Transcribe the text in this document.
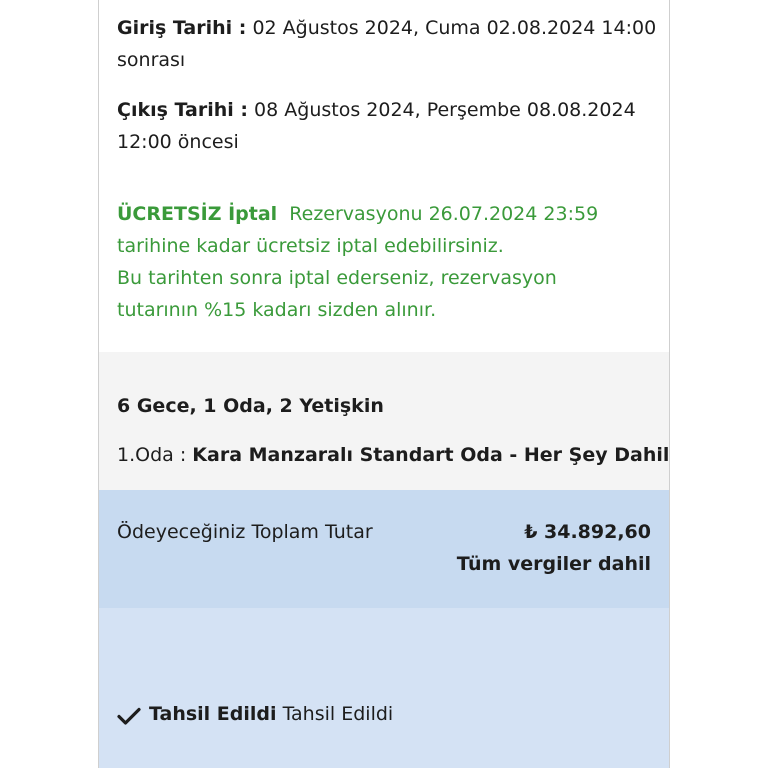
Giriş Tarihi : 02 Ağustos 2024, Cuma 02.08.2024 14:00
sonrası
Çıkış Tarihi : 08 Ağustos 2024, Perşembe 08.08.2024
12:00 öncesi
ÜCRETSİZ İptal Rezervasyonu 26.07.2024 23:59
tarihine kadar ücretsiz iptal edebilirsiniz.
Bu tarihten sonra iptal ederseniz, rezervasyon
tutarının %15 kadarı sizden alınır.
6 Gece, 1 Oda, 2 Yetişkin
1.Oda : Kara Manzaralı Standart Oda - Her Şey Dahil
Ödeyeceğiniz Toplam Tutar	₺ 34.892,60
Tüm vergiler dahil
Tahsil Edildi Tahsil Edildi
